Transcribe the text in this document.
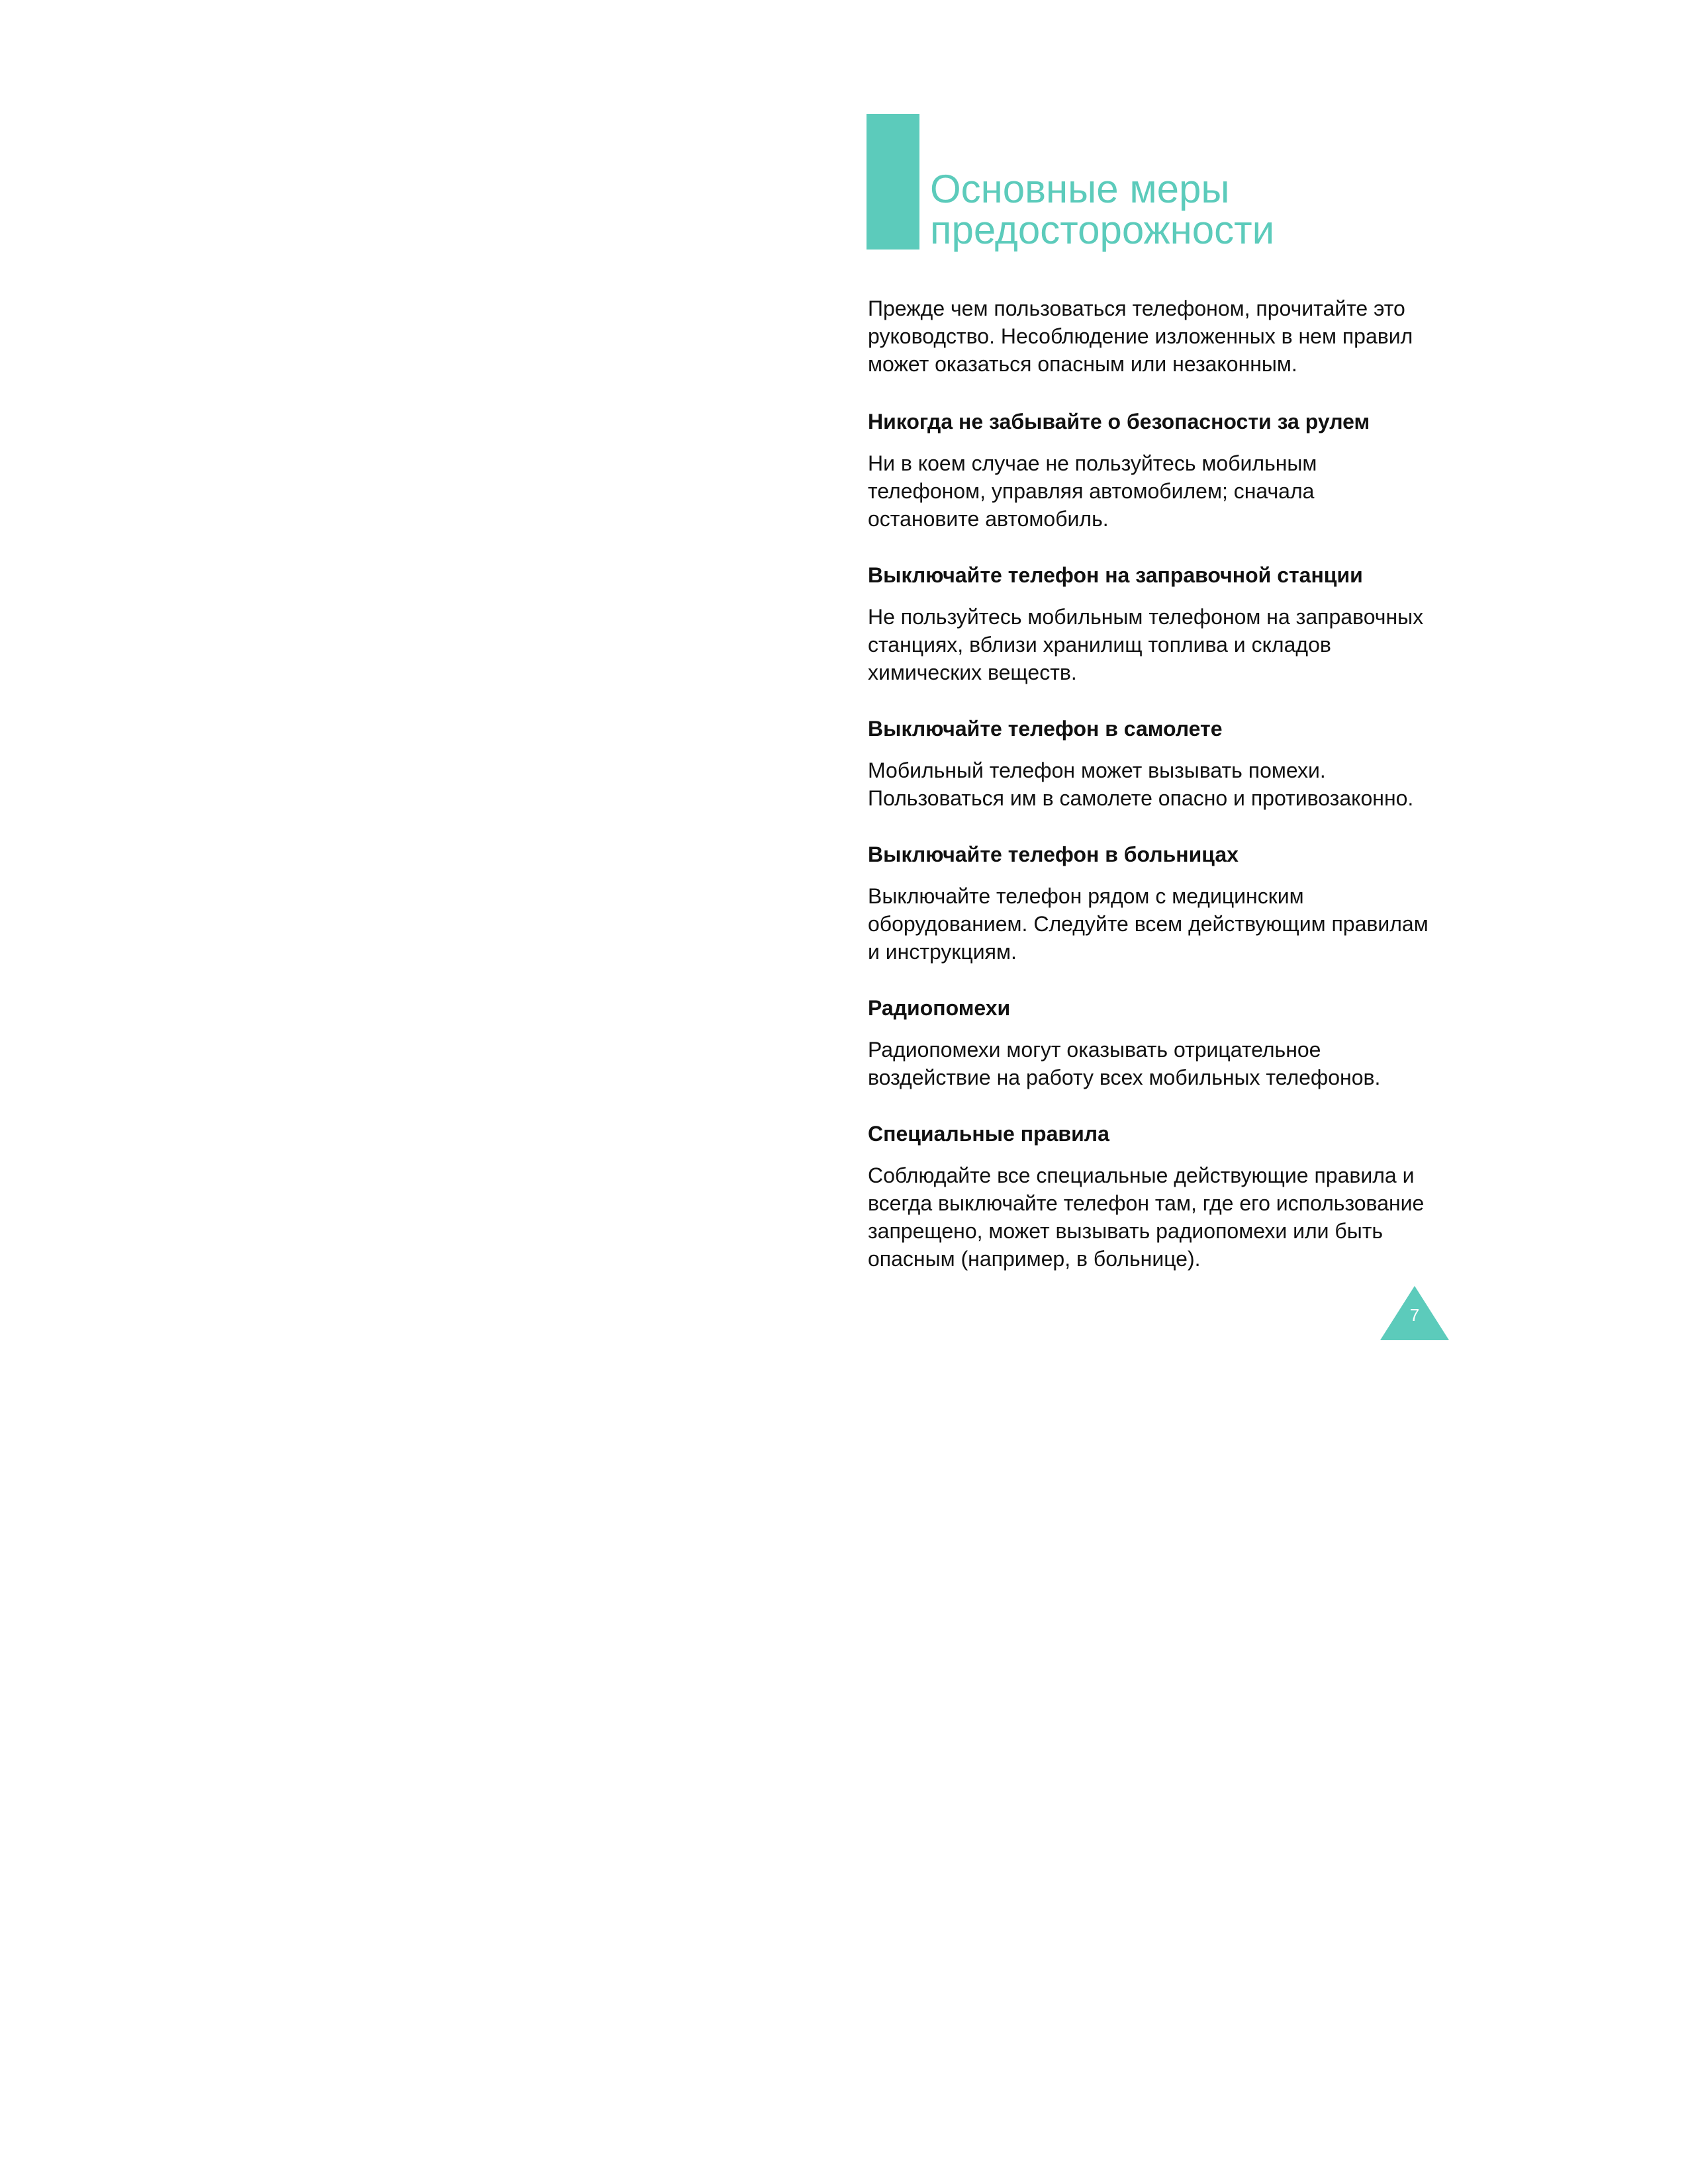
Основные меры
предосторожности

Прежде чем пользоваться телефоном, прочитайте это руководство. Несоблюдение изложенных в нем правил может оказаться опасным или незаконным.

Никогда не забывайте о безопасности за рулем

Ни в коем случае не пользуйтесь мобильным телефоном, управляя автомобилем; сначала остановите автомобиль.

Выключайте телефон на заправочной станции

Не пользуйтесь мобильным телефоном на заправочных станциях, вблизи хранилищ топлива и складов химических веществ.

Выключайте телефон в самолете

Мобильный телефон может вызывать помехи. Пользоваться им в самолете опасно и противозаконно.

Выключайте телефон в больницах

Выключайте телефон рядом с медицинским оборудованием. Следуйте всем действующим правилам и инструкциям.

Радиопомехи

Радиопомехи могут оказывать отрицательное воздействие на работу всех мобильных телефонов.

Специальные правила

Соблюдайте все специальные действующие правила и всегда выключайте телефон там, где его использование запрещено, может вызывать радиопомехи или быть опасным (например, в больнице).

7
